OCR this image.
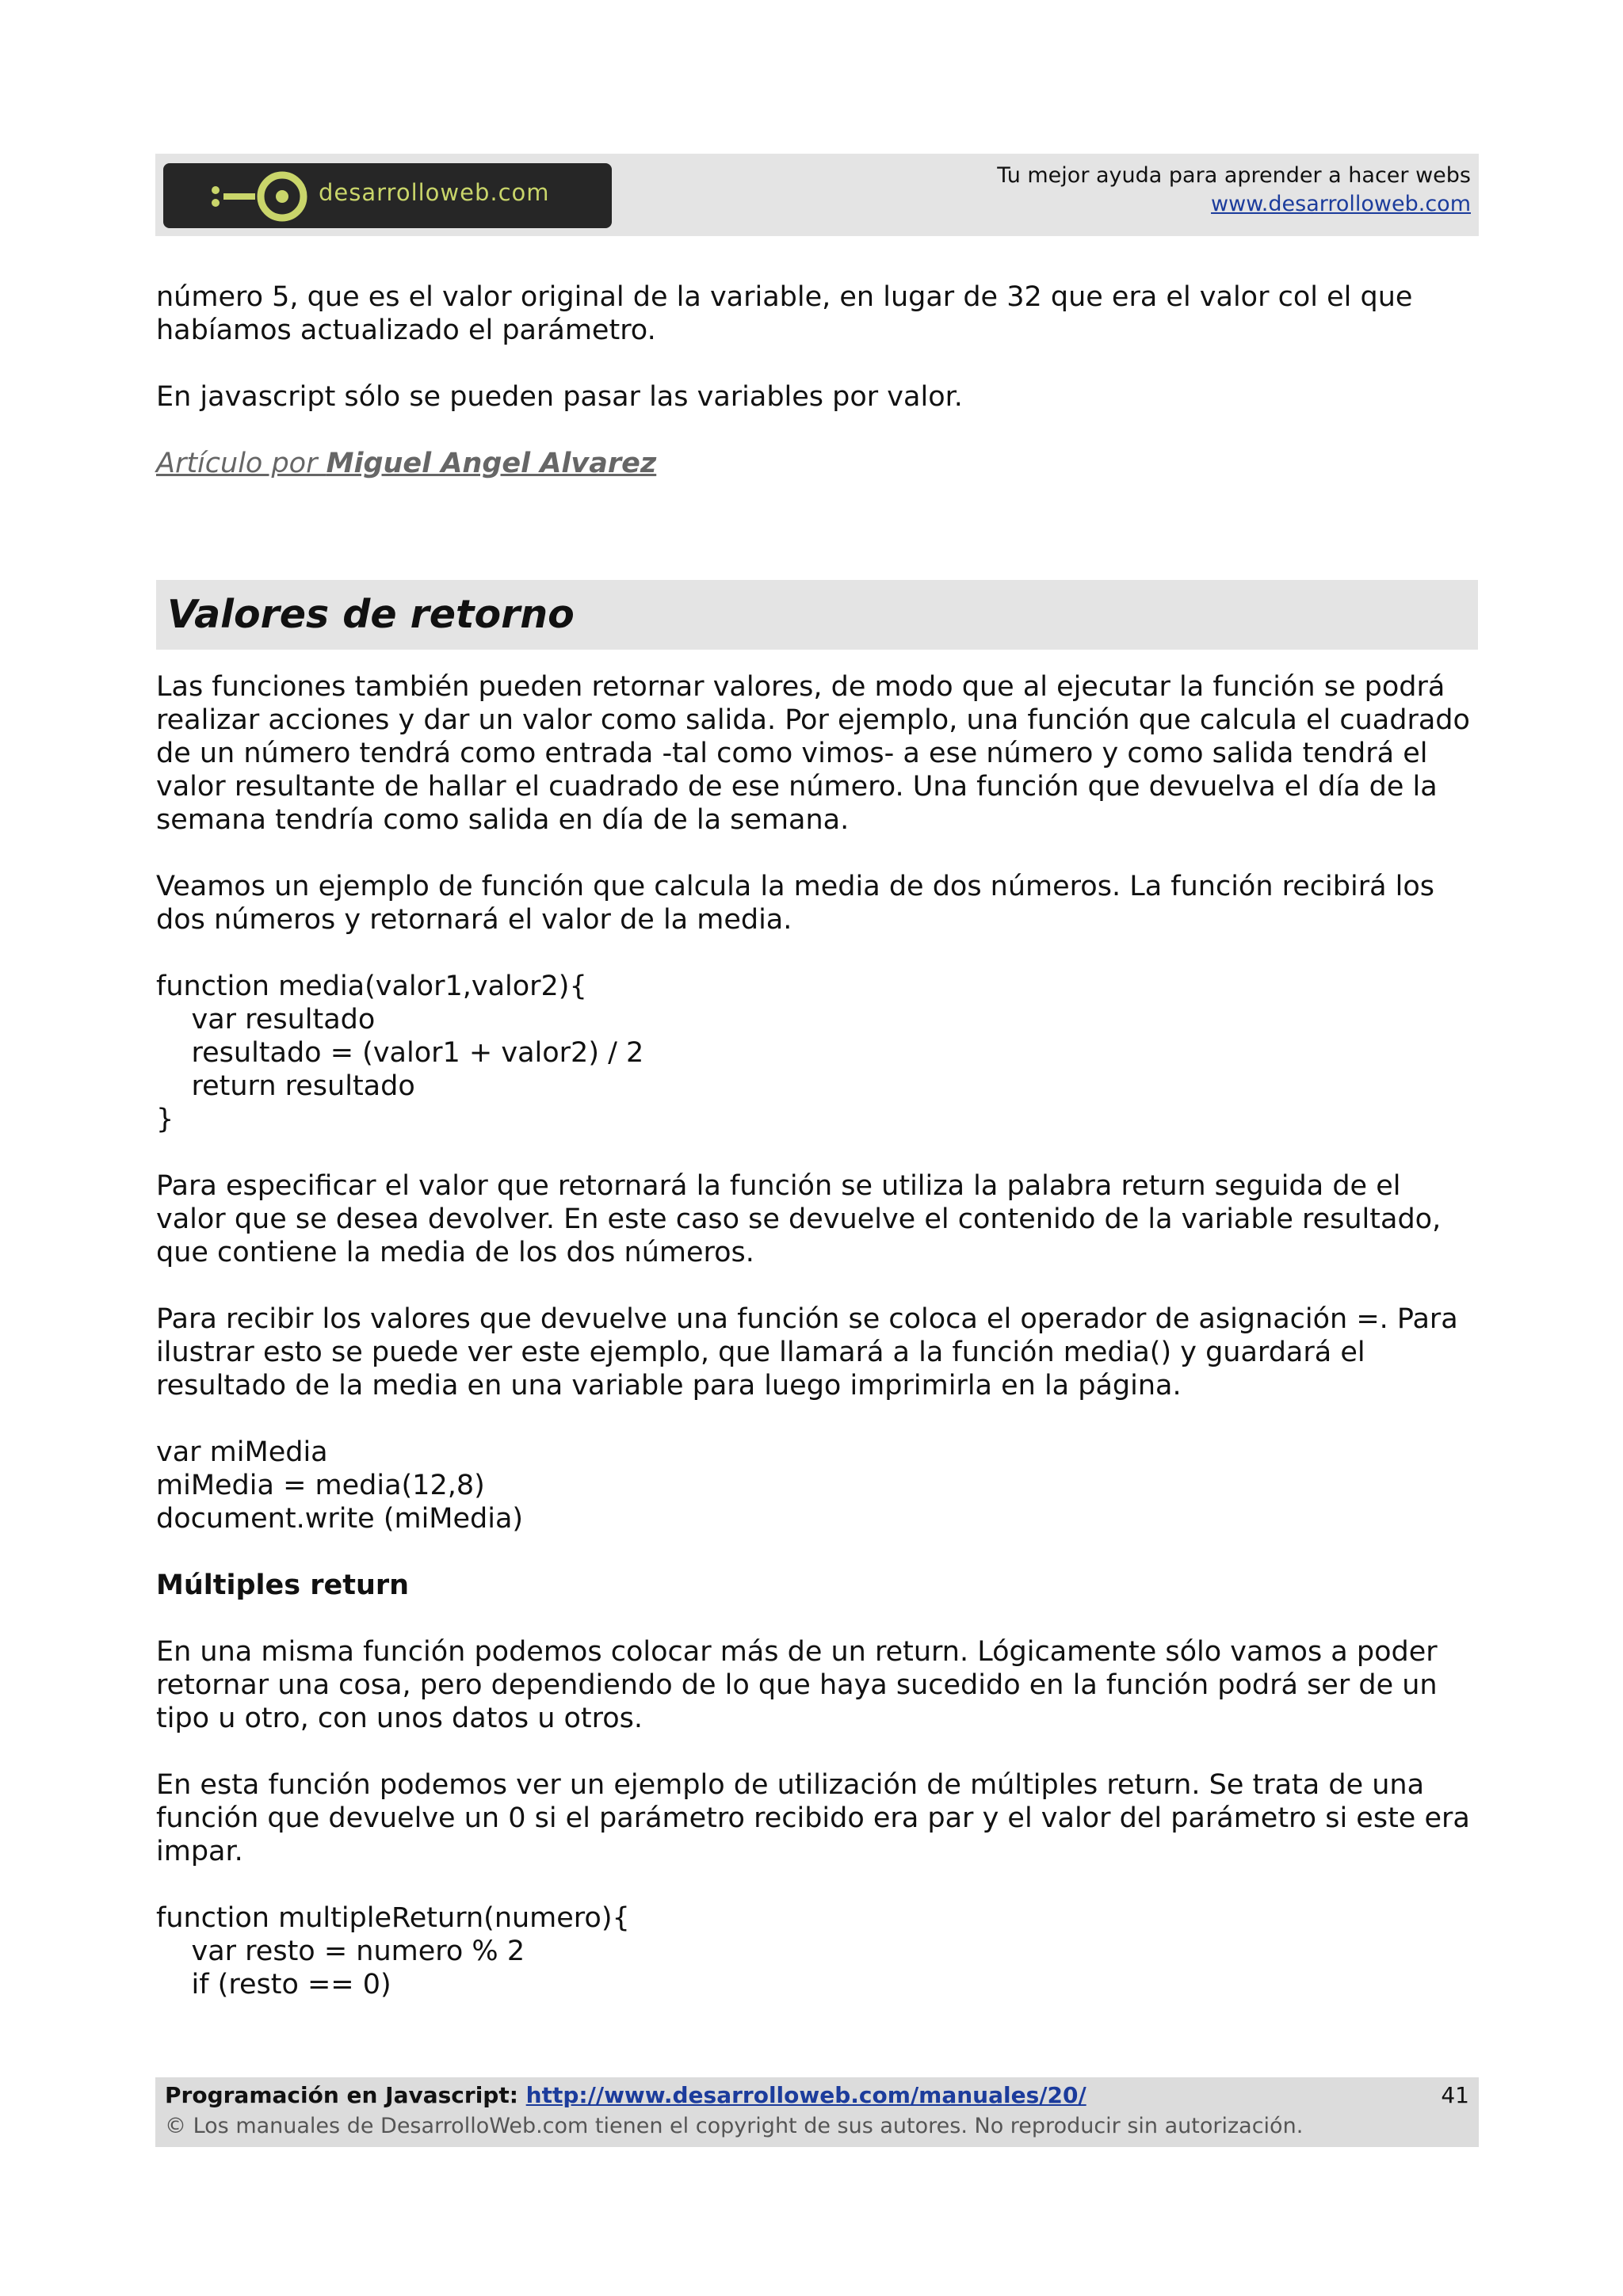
desarrolloweb.com
Tu mejor ayuda para aprender a hacer webs
www.desarrolloweb.com

número 5, que es el valor original de la variable, en lugar de 32 que era el valor col el que habíamos actualizado el parámetro.

En javascript sólo se pueden pasar las variables por valor.

Artículo por Miguel Angel Alvarez

Valores de retorno

Las funciones también pueden retornar valores, de modo que al ejecutar la función se podrá realizar acciones y dar un valor como salida. Por ejemplo, una función que calcula el cuadrado de un número tendrá como entrada -tal como vimos- a ese número y como salida tendrá el valor resultante de hallar el cuadrado de ese número. Una función que devuelva el día de la semana tendría como salida en día de la semana.

Veamos un ejemplo de función que calcula la media de dos números. La función recibirá los dos números y retornará el valor de la media.

function media(valor1,valor2){
var resultado
resultado = (valor1 + valor2) / 2
return resultado
}

Para especificar el valor que retornará la función se utiliza la palabra return seguida de el valor que se desea devolver. En este caso se devuelve el contenido de la variable resultado, que contiene la media de los dos números.

Para recibir los valores que devuelve una función se coloca el operador de asignación =. Para ilustrar esto se puede ver este ejemplo, que llamará a la función media() y guardará el resultado de la media en una variable para luego imprimirla en la página.

var miMedia
miMedia = media(12,8)
document.write (miMedia)
Múltiples return

En una misma función podemos colocar más de un return. Lógicamente sólo vamos a poder retornar una cosa, pero dependiendo de lo que haya sucedido en la función podrá ser de un tipo u otro, con unos datos u otros.

En esta función podemos ver un ejemplo de utilización de múltiples return. Se trata de una función que devuelve un 0 si el parámetro recibido era par y el valor del parámetro si este era impar.

function multipleReturn(numero){
var resto = numero % 2
if (resto == 0)
Programación en Javascript: http://www.desarrolloweb.com/manuales/20/
© Los manuales de DesarrolloWeb.com tienen el copyright de sus autores. No reproducir sin autorización.
41
